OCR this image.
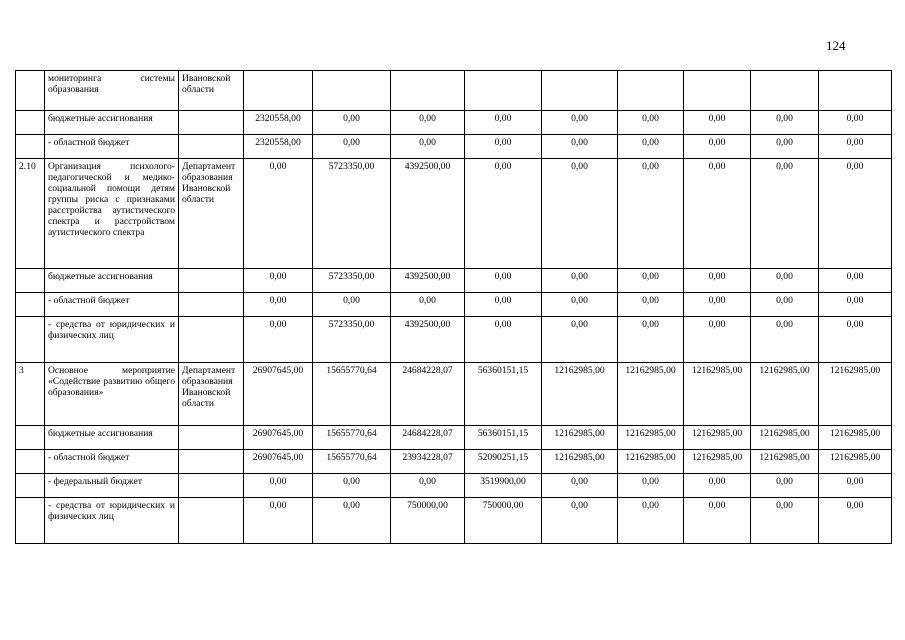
124
	мониторинга системы образования	Ивановской области									
	бюджетные ассигнования		2320558,00	0,00	0,00	0,00	0,00	0,00	0,00	0,00	0,00
	- областной бюджет		2320558,00	0,00	0,00	0,00	0,00	0,00	0,00	0,00	0,00
2.10	Организация психолого-педагогической и медико-социальной помощи детям группы риска с признаками расстройства аутистического спектра и расстройством аутистического спектра	Департамент образования Ивановской области	0,00	5723350,00	4392500,00	0,00	0,00	0,00	0,00	0,00	0,00
	бюджетные ассигнования		0,00	5723350,00	4392500,00	0,00	0,00	0,00	0,00	0,00	0,00
	- областной бюджет		0,00	0,00	0,00	0,00	0,00	0,00	0,00	0,00	0,00
	- средства от юридических и физических лиц		0,00	5723350,00	4392500,00	0,00	0,00	0,00	0,00	0,00	0,00
3	Основное мероприятие «Содействие развитию общего образования»	Департамент образования Ивановской области	26907645,00	15655770,64	24684228,07	56360151,15	12162985,00	12162985,00	12162985,00	12162985,00	12162985,00
	бюджетные ассигнования		26907645,00	15655770,64	24684228,07	56360151,15	12162985,00	12162985,00	12162985,00	12162985,00	12162985,00
	- областной бюджет		26907645,00	15655770,64	23934228,07	52090251,15	12162985,00	12162985,00	12162985,00	12162985,00	12162985,00
	- федеральный бюджет		0,00	0,00	0,00	3519900,00	0,00	0,00	0,00	0,00	0,00
	- средства от юридических и физических лиц		0,00	0,00	750000,00	750000,00	0,00	0,00	0,00	0,00	0,00
